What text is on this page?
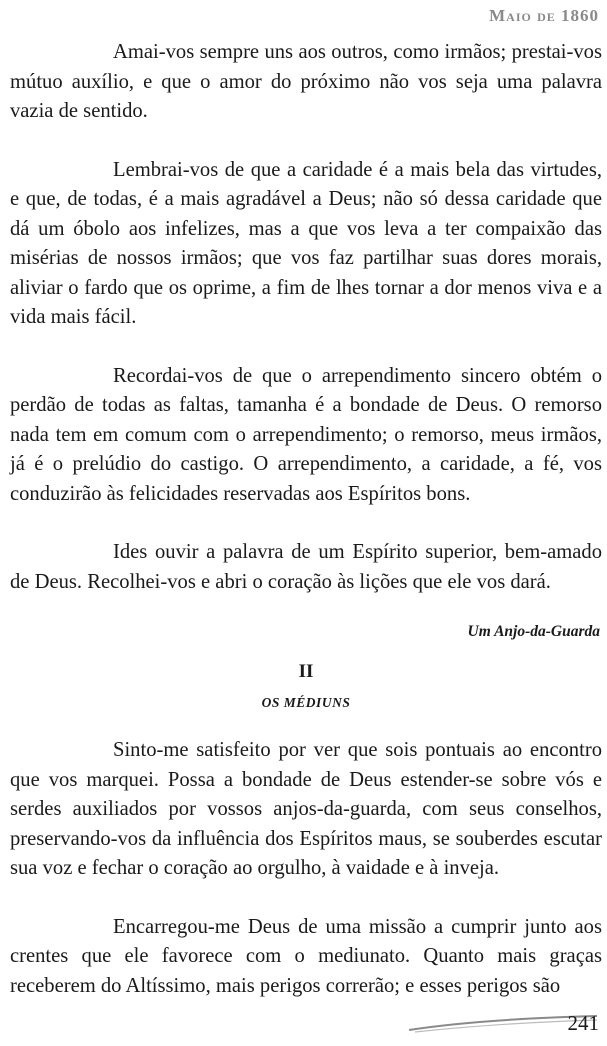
Maio de 1860

Amai-vos sempre uns aos outros, como irmãos; prestai-vos mútuo auxílio, e que o amor do próximo não vos seja uma palavra vazia de sentido.

Lembrai-vos de que a caridade é a mais bela das virtudes, e que, de todas, é a mais agradável a Deus; não só dessa caridade que dá um óbolo aos infelizes, mas a que vos leva a ter compaixão das misérias de nossos irmãos; que vos faz partilhar suas dores morais, aliviar o fardo que os oprime, a fim de lhes tornar a dor menos viva e a vida mais fácil.

Recordai-vos de que o arrependimento sincero obtém o perdão de todas as faltas, tamanha é a bondade de Deus. O remorso nada tem em comum com o arrependimento; o remorso, meus irmãos, já é o prelúdio do castigo. O arrependimento, a caridade, a fé, vos conduzirão às felicidades reservadas aos Espíritos bons.

Ides ouvir a palavra de um Espírito superior, bem-amado de Deus. Recolhei-vos e abri o coração às lições que ele vos dará.

Um Anjo-da-Guarda

II

OS MÉDIUNS

Sinto-me satisfeito por ver que sois pontuais ao encontro que vos marquei. Possa a bondade de Deus estender-se sobre vós e serdes auxiliados por vossos anjos-da-guarda, com seus conselhos, preservando-vos da influência dos Espíritos maus, se souberdes escutar sua voz e fechar o coração ao orgulho, à vaidade e à inveja.

Encarregou-me Deus de uma missão a cumprir junto aos crentes que ele favorece com o mediunato. Quanto mais graças receberem do Altíssimo, mais perigos correrão; e esses perigos são

241
